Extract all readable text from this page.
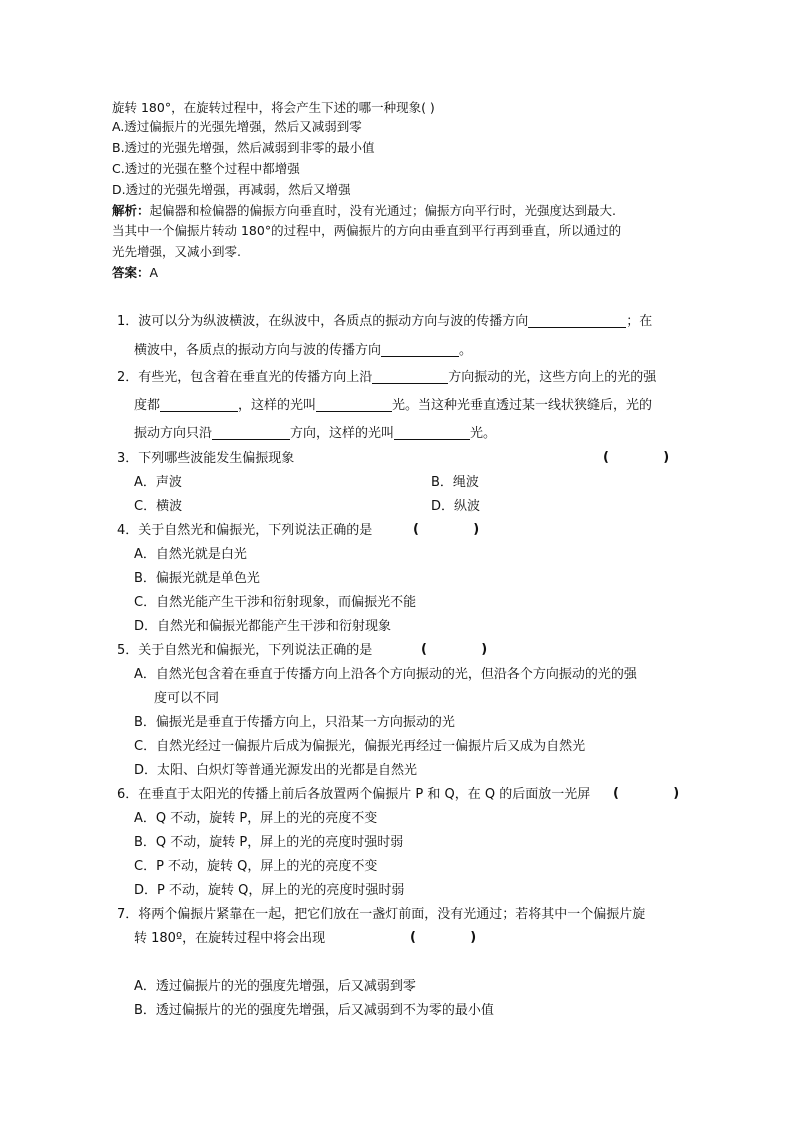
旋转 180°，在旋转过程中，将会产生下述的哪一种现象( )
A.透过偏振片的光强先增强，然后又减弱到零
B.透过的光强先增强，然后减弱到非零的最小值
C.透过的光强在整个过程中都增强
D.透过的光强先增强，再减弱，然后又增强
解析：起偏器和检偏器的偏振方向垂直时，没有光通过；偏振方向平行时，光强度达到最大.
当其中一个偏振片转动 180°的过程中，两偏振片的方向由垂直到平行再到垂直，所以通过的
光先增强，又减小到零.
答案：A
1．波可以分为纵波横波，在纵波中，各质点的振动方向与波的传播方向	；在
横波中，各质点的振动方向与波的传播方向	。
2．有些光，包含着在垂直光的传播方向上沿	方向振动的光，这些方向上的光的强
度都	，这样的光叫	光。当这种光垂直透过某一线状狭缝后，光的
振动方向只沿	方向，这样的光叫	光。
3．下列哪些波能发生偏振现象	(            )
A．声波	B．绳波
C．横波	D．纵波
4．关于自然光和偏振光，下列说法正确的是	(            )
A．自然光就是白光
B．偏振光就是单色光
C．自然光能产生干涉和衍射现象，而偏振光不能
D．自然光和偏振光都能产生干涉和衍射现象
5．关于自然光和偏振光，下列说法正确的是	(            )
A．自然光包含着在垂直于传播方向上沿各个方向振动的光，但沿各个方向振动的光的强
度可以不同
B．偏振光是垂直于传播方向上，只沿某一方向振动的光
C．自然光经过一偏振片后成为偏振光，偏振光再经过一偏振片后又成为自然光
D．太阳、白炽灯等普通光源发出的光都是自然光
6．在垂直于太阳光的传播上前后各放置两个偏振片 P 和 Q，在 Q 的后面放一光屏 (            )
A．Q 不动，旋转 P，屏上的光的亮度不变
B．Q 不动，旋转 P，屏上的光的亮度时强时弱
C．P 不动，旋转 Q，屏上的光的亮度不变
D．P 不动，旋转 Q，屏上的光的亮度时强时弱
7．将两个偏振片紧靠在一起，把它们放在一盏灯前面，没有光通过；若将其中一个偏振片旋
转 180º，在旋转过程中将会出现	(            )
A．透过偏振片的光的强度先增强，后又减弱到零
B．透过偏振片的光的强度先增强，后又减弱到不为零的最小值
